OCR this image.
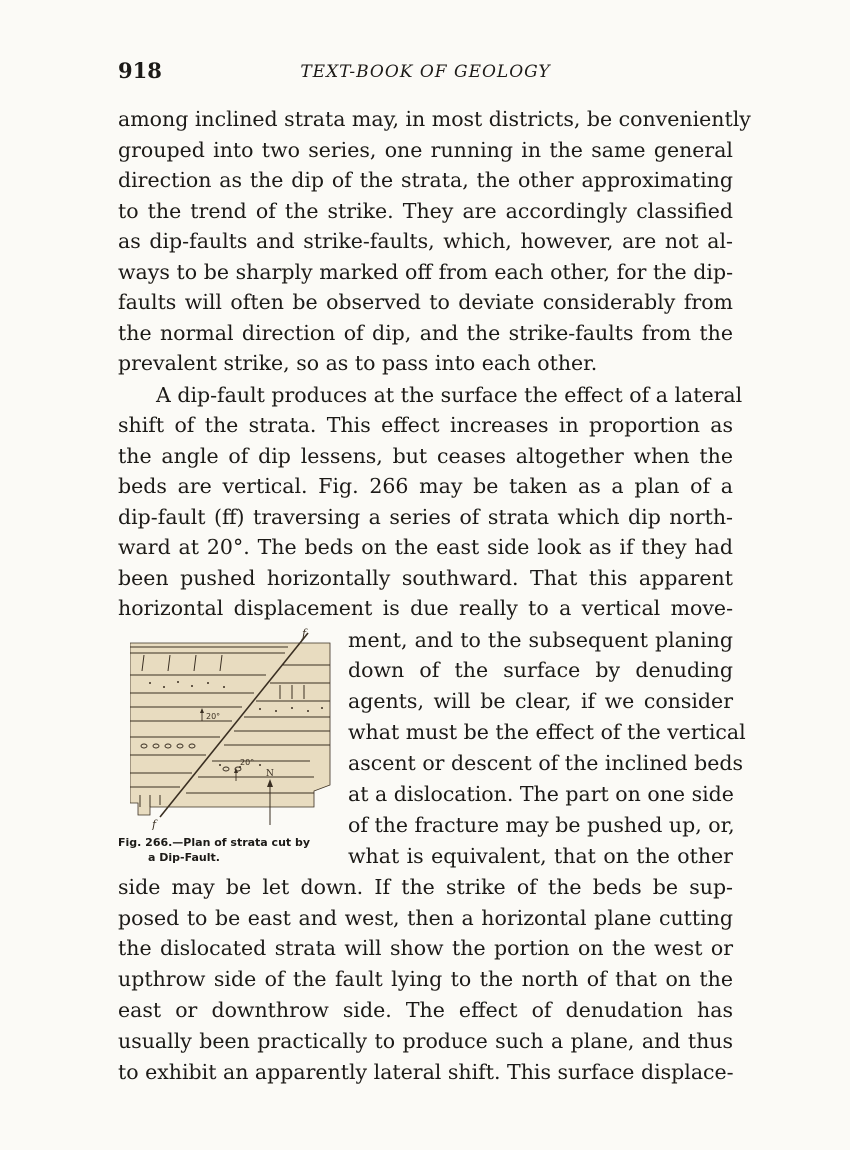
918	TEXT-BOOK OF GEOLOGY
among inclined strata may, in most districts, be conveniently
grouped into two series, one running in the same general
direction as the dip of the strata, the other approximating
to the trend of the strike. They are accordingly classified
as dip-faults and strike-faults, which, however, are not al-
ways to be sharply marked off from each other, for the dip-
faults will often be observed to deviate considerably from
the normal direction of dip, and the strike-faults from the
prevalent strike, so as to pass into each other.
A dip-fault produces at the surface the effect of a lateral
shift of the strata. This effect increases in proportion as
the angle of dip lessens, but ceases altogether when the
beds are vertical. Fig. 266 may be taken as a plan of a
dip-fault (ff) traversing a series of strata which dip north-
ward at 20°. The beds on the east side look as if they had
been pushed horizontally southward. That this apparent
horizontal displacement is due really to a vertical move-
ment, and to the subsequent planing
down of the surface by denuding
agents, will be clear, if we consider
what must be the effect of the vertical
ascent or descent of the inclined beds
at a dislocation. The part on one side
of the fracture may be pushed up, or,
what is equivalent, that on the other
side may be let down. If the strike of the beds be sup-
posed to be east and west, then a horizontal plane cutting
the dislocated strata will show the portion on the west or
upthrow side of the fault lying to the north of that on the
east or downthrow side. The effect of denudation has
usually been practically to produce such a plane, and thus
to exhibit an apparently lateral shift. This surface displace-
f
f
20°
20°
N
Fig. 266.—Plan of strata cut by
a Dip-Fault.
